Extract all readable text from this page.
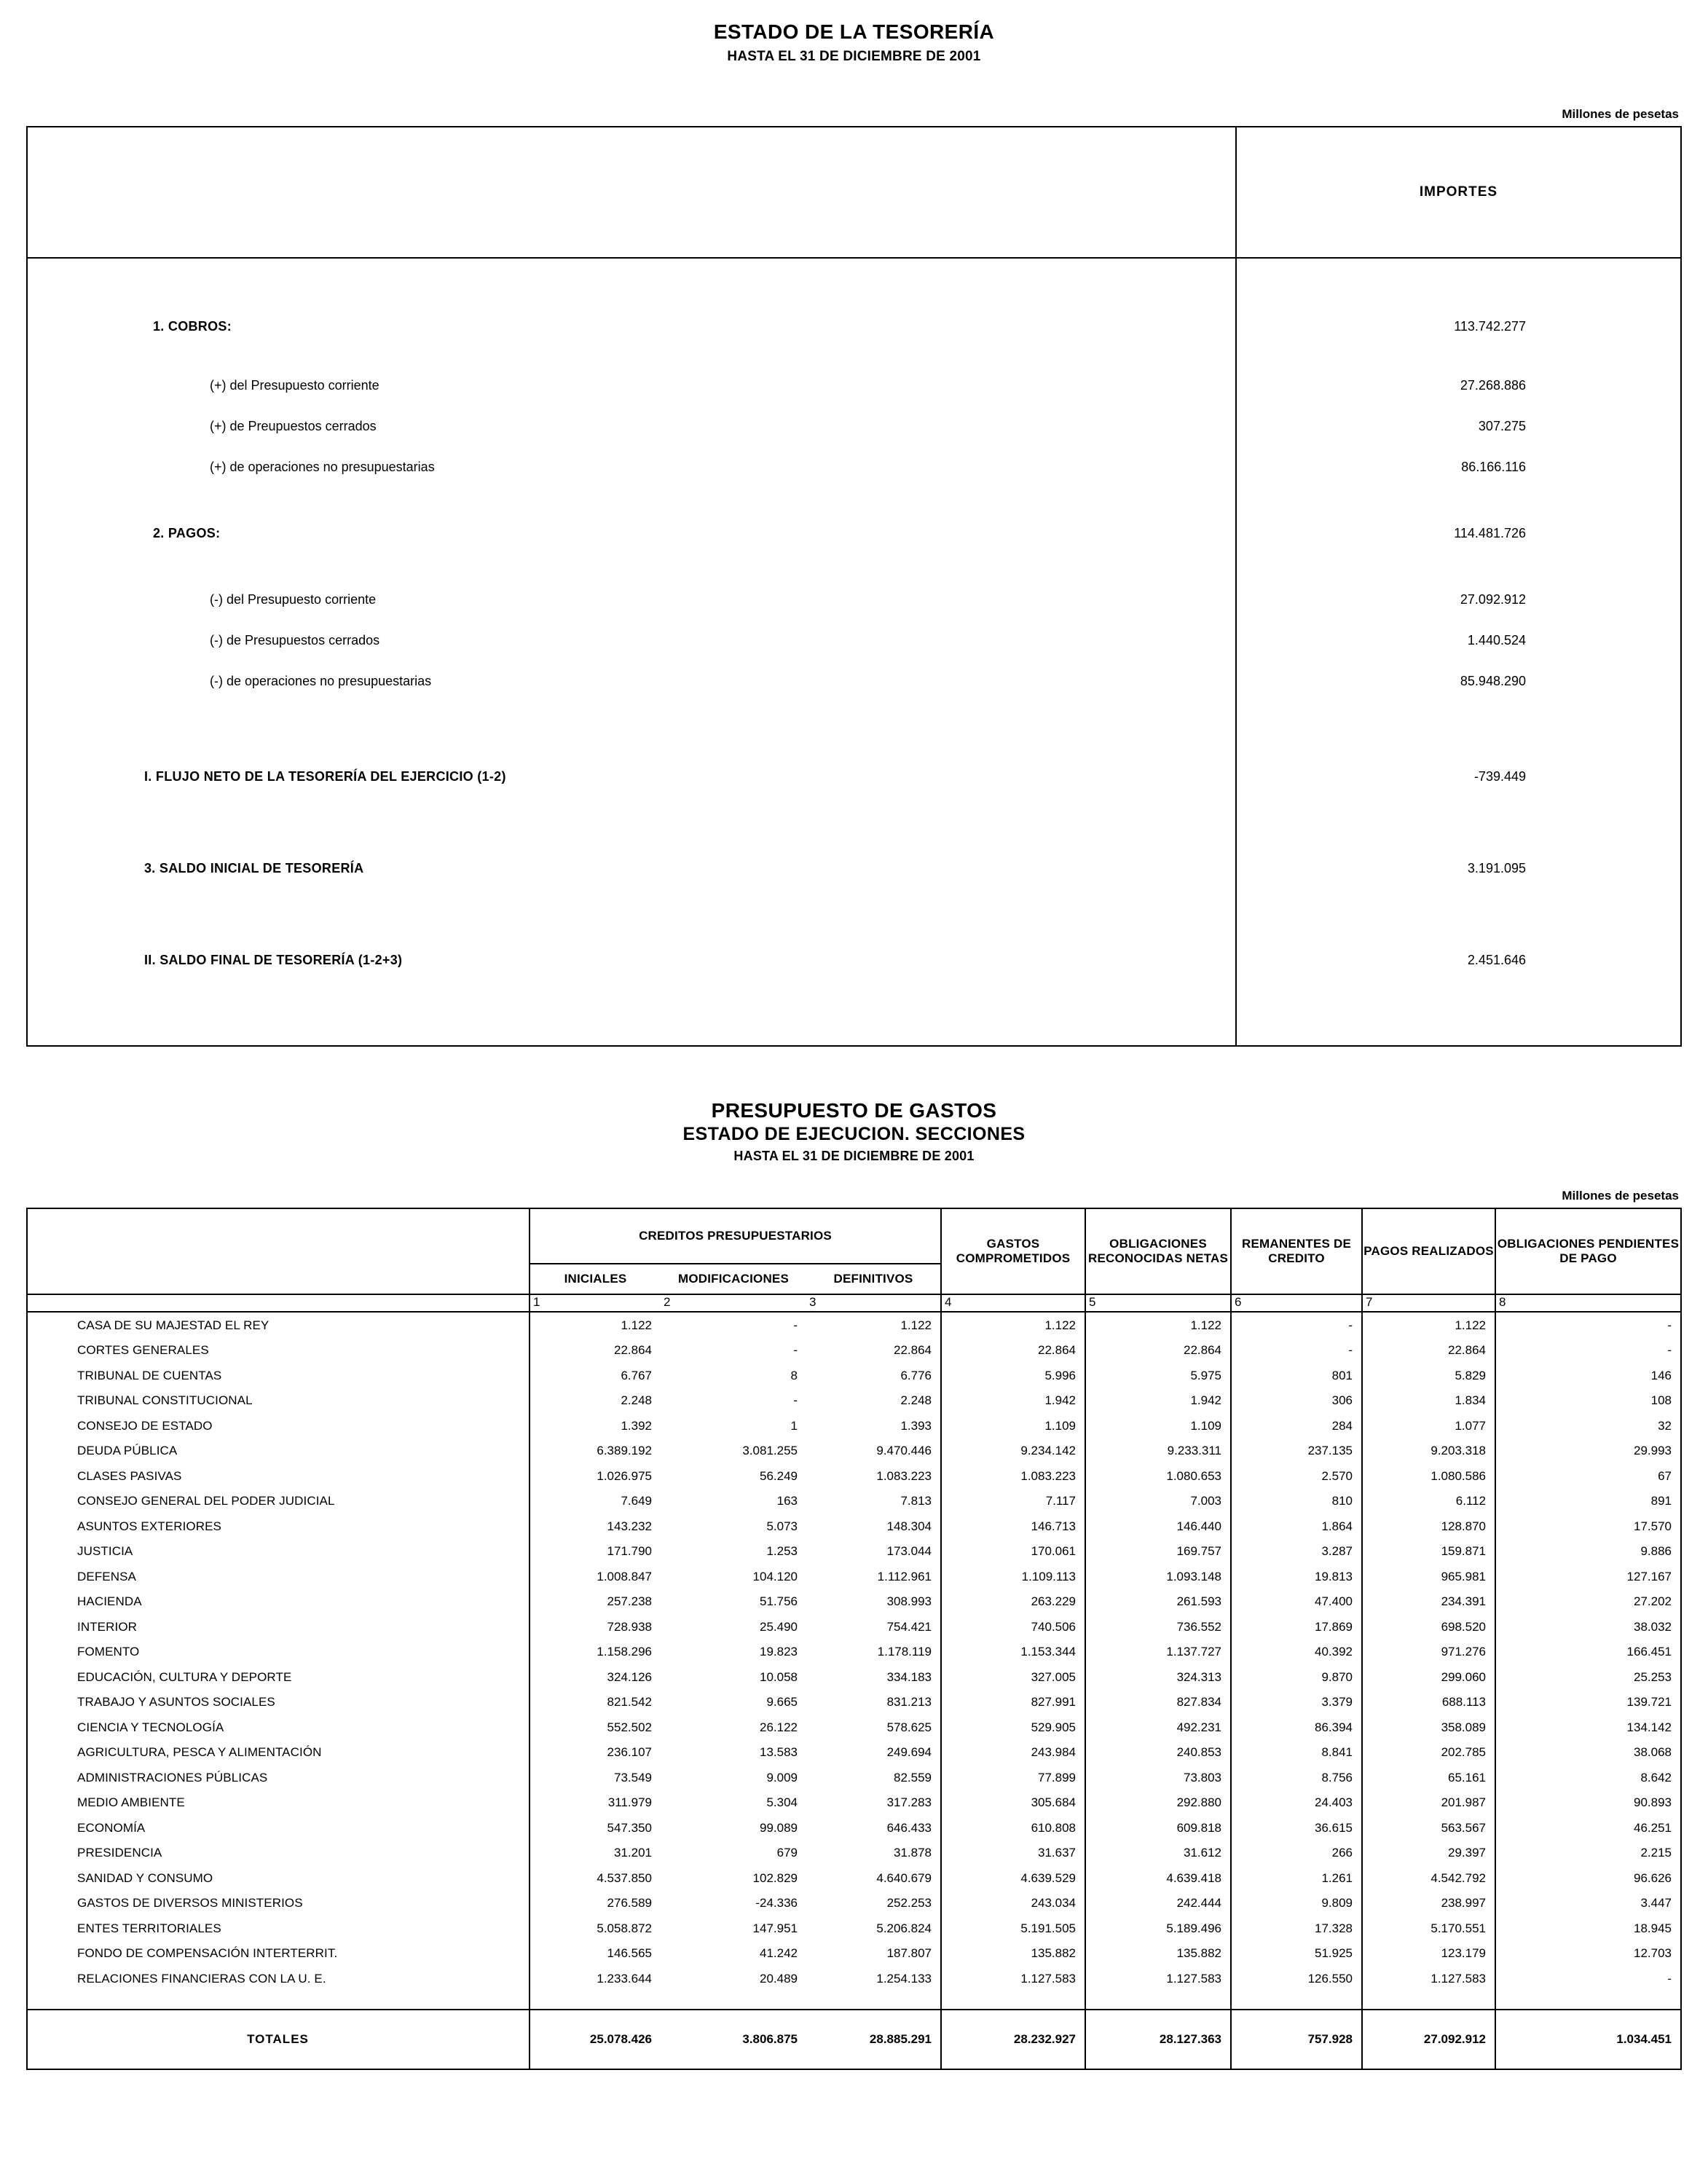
ESTADO DE LA TESORERÍA
HASTA EL 31 DE DICIEMBRE DE 2001
Millones de pesetas
	IMPORTES

1. COBROS:	113.742.277
(+) del Presupuesto corriente	27.268.886
(+) de Preupuestos cerrados	307.275
(+) de operaciones no presupuestarias	86.166.116
2. PAGOS:	114.481.726
(-) del Presupuesto corriente	27.092.912
(-) de Presupuestos cerrados	1.440.524
(-) de operaciones no presupuestarias	85.948.290

I. FLUJO NETO DE LA TESORERÍA DEL EJERCICIO (1-2)	-739.449
3. SALDO INICIAL DE TESORERÍA	3.191.095
II. SALDO FINAL DE TESORERÍA (1-2+3)	2.451.646

PRESUPUESTO DE GASTOS
ESTADO DE EJECUCION. SECCIONES
HASTA EL 31 DE DICIEMBRE DE 2001
Millones de pesetas
	CREDITOS PRESUPUESTARIOS			GASTOS COMPROMETIDOS	OBLIGACIONES RECONOCIDAS NETAS	REMANENTES DE CREDITO	PAGOS REALIZADOS	OBLIGACIONES PENDIENTES DE PAGO
	INICIALES	MODIFICACIONES	DEFINITIVOS					
	1	2	3	4	5	6	7	8
CASA DE SU MAJESTAD EL REY	1.122	-	1.122	1.122	1.122	-	1.122	-
CORTES GENERALES	22.864	-	22.864	22.864	22.864	-	22.864	-
TRIBUNAL DE CUENTAS	6.767	8	6.776	5.996	5.975	801	5.829	146
TRIBUNAL CONSTITUCIONAL	2.248	-	2.248	1.942	1.942	306	1.834	108
CONSEJO DE ESTADO	1.392	1	1.393	1.109	1.109	284	1.077	32
DEUDA PÚBLICA	6.389.192	3.081.255	9.470.446	9.234.142	9.233.311	237.135	9.203.318	29.993
CLASES PASIVAS	1.026.975	56.249	1.083.223	1.083.223	1.080.653	2.570	1.080.586	67
CONSEJO GENERAL DEL PODER JUDICIAL	7.649	163	7.813	7.117	7.003	810	6.112	891
ASUNTOS EXTERIORES	143.232	5.073	148.304	146.713	146.440	1.864	128.870	17.570
JUSTICIA	171.790	1.253	173.044	170.061	169.757	3.287	159.871	9.886
DEFENSA	1.008.847	104.120	1.112.961	1.109.113	1.093.148	19.813	965.981	127.167
HACIENDA	257.238	51.756	308.993	263.229	261.593	47.400	234.391	27.202
INTERIOR	728.938	25.490	754.421	740.506	736.552	17.869	698.520	38.032
FOMENTO	1.158.296	19.823	1.178.119	1.153.344	1.137.727	40.392	971.276	166.451
EDUCACIÓN, CULTURA Y DEPORTE	324.126	10.058	334.183	327.005	324.313	9.870	299.060	25.253
TRABAJO Y ASUNTOS SOCIALES	821.542	9.665	831.213	827.991	827.834	3.379	688.113	139.721
CIENCIA Y TECNOLOGÍA	552.502	26.122	578.625	529.905	492.231	86.394	358.089	134.142
AGRICULTURA, PESCA Y ALIMENTACIÓN	236.107	13.583	249.694	243.984	240.853	8.841	202.785	38.068
ADMINISTRACIONES PÚBLICAS	73.549	9.009	82.559	77.899	73.803	8.756	65.161	8.642
MEDIO AMBIENTE	311.979	5.304	317.283	305.684	292.880	24.403	201.987	90.893
ECONOMÍA	547.350	99.089	646.433	610.808	609.818	36.615	563.567	46.251
PRESIDENCIA	31.201	679	31.878	31.637	31.612	266	29.397	2.215
SANIDAD Y CONSUMO	4.537.850	102.829	4.640.679	4.639.529	4.639.418	1.261	4.542.792	96.626
GASTOS DE DIVERSOS MINISTERIOS	276.589	-24.336	252.253	243.034	242.444	9.809	238.997	3.447
ENTES TERRITORIALES	5.058.872	147.951	5.206.824	5.191.505	5.189.496	17.328	5.170.551	18.945
FONDO DE COMPENSACIÓN INTERTERRIT.	146.565	41.242	187.807	135.882	135.882	51.925	123.179	12.703
RELACIONES FINANCIERAS CON LA U. E.	1.233.644	20.489	1.254.133	1.127.583	1.127.583	126.550	1.127.583	-

TOTALES	25.078.426	3.806.875	28.885.291	28.232.927	28.127.363	757.928	27.092.912	1.034.451
